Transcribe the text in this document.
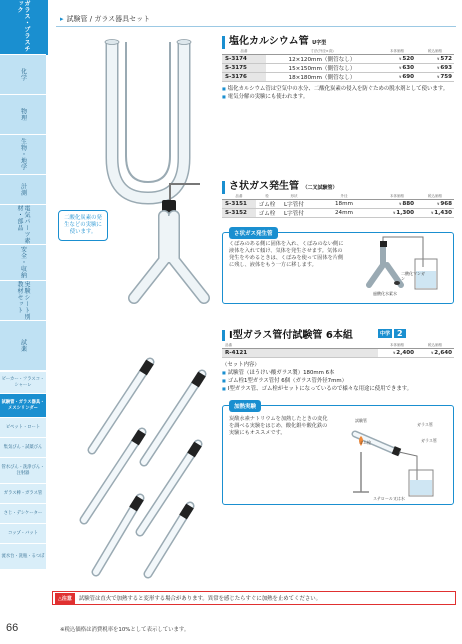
ガラス・プラスチック
化学
物理
生物・地学
計測
電気パーツ素材・部品
安全・収納
実験シート別教材セット
試薬
ビーカー・フラスコ・シャーレ
試験管・ガラス器具・メスシリンダー
ピペット・ロート
集気びん・試薬びん
管水びん・洗浄びん・注射器
ガラス棒・ガラス管
さじ・デシケーター
コップ・バット
流水台・洗瓶・るつぼ
66
▸ 試験管 / ガラス器具セット
塩化カルシウム管 U字型
品番	寸法(外径×高)	本体価格	税込価格
S-3174	12×120mm（側管なし）	¥520	¥572
S-3175	15×150mm（側管なし）	¥630	¥693
S-3176	18×180mm（側管なし）	¥690	¥759
■ 塩化カルシウム管は空気中の水分、二酸化炭素の侵入を防ぐための脱水剤として使います。
■ 電気分解の実験にも使われます。
二酸化炭素の発生などの実験に使います。
さ状ガス発生管 （二叉試験管）
品番	栓	形状	外径	本体価格	税込価格
S-3151	ゴム栓	L字管付	18mm	¥880	¥968
S-3152	ゴム栓	L字管付	24mm	¥1,300	¥1,430
さ状ガス発生管
くぼみのある側に固体を入れ、くぼみのない側に液体を入れて傾け、気体を発生させます。気体の発生をやめるときは、くぼみを使って固体を片側に残し、液体をもう一方に移します。
二酸化マンガン
過酸化水素水
I型ガラス管付試験管 6本組	中学 2
品番	本体価格	税込価格
R-4121	¥2,400	¥2,640
（セット内容）
■ 試験管（ほうけい酸ガラス製）180mm 6本
■ ゴム栓1型ガラス管付 6個（ガラス管外径7mm）
■ I型ガラス管、ゴム栓がセットになっているので様々な用途に使用できます。
加熱実験
炭酸水素ナトリウムを加熱したときの変化を調べる実験をはじめ、酸化銀や酸化鉄の実験にもオススメです。
試験管
ゴム栓
ガラス管
ガラス管
ステロール又は水
△注意	試験管は直火で加熱すると変形する場合があります。異常を感じたらすぐに加熱を止めてください。
※税込価格は消費税率を10%として表示しています。
